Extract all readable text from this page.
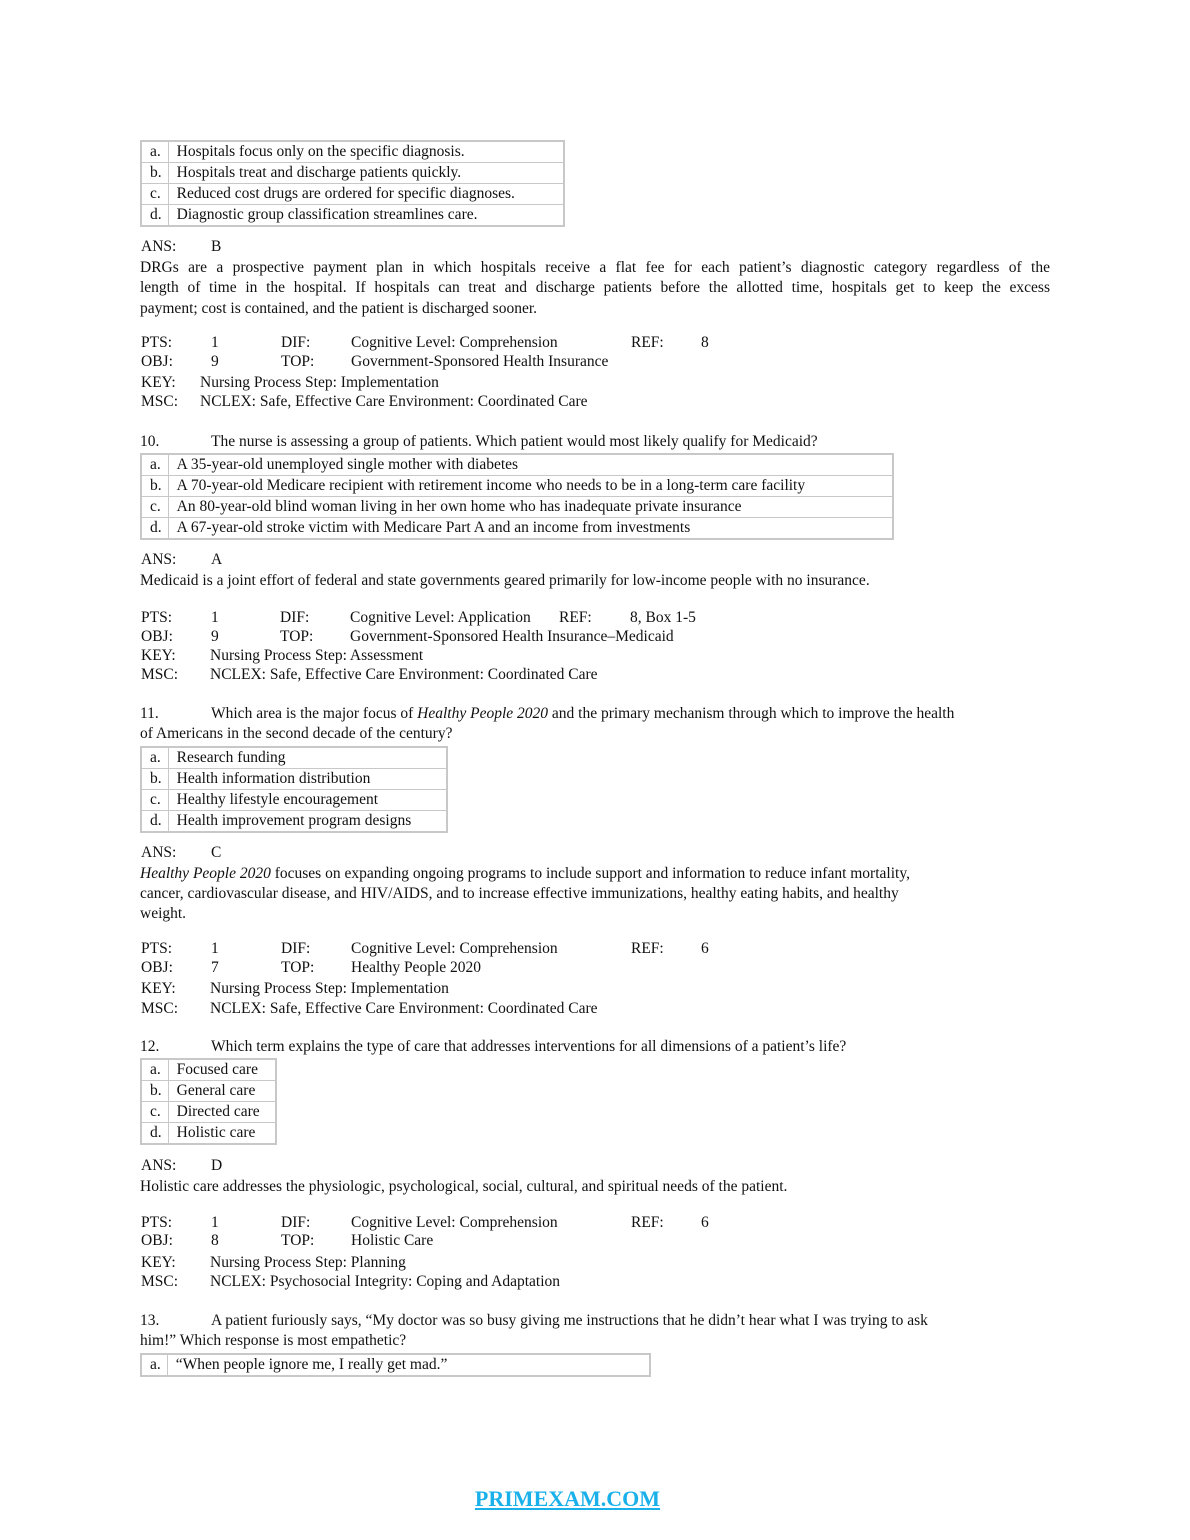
a.	Hospitals focus only on the specific diagnosis.
b.	Hospitals treat and discharge patients quickly.
c.	Reduced cost drugs are ordered for specific diagnoses.
d.	Diagnostic group classification streamlines care.
ANS: B
DRGs are a prospective payment plan in which hospitals receive a flat fee for each patient’s diagnostic category regardless of the
length of time in the hospital. If hospitals can treat and discharge patients before the allotted time, hospitals get to keep the excess
payment; cost is contained, and the patient is discharged sooner.
PTS:	1	DIF:	Cognitive Level: Comprehension	REF: 8
OBJ: 9	TOP: Government-Sponsored Health Insurance
KEY: Nursing Process Step: Implementation
MSC: NCLEX: Safe, Effective Care Environment: Coordinated Care
10.	The nurse is assessing a group of patients. Which patient would most likely qualify for Medicaid?
a.	A 35-year-old unemployed single mother with diabetes
b.	A 70-year-old Medicare recipient with retirement income who needs to be in a long-term care facility
c.	An 80-year-old blind woman living in her own home who has inadequate private insurance
d.	A 67-year-old stroke victim with Medicare Part A and an income from investments
ANS: A
Medicaid is a joint effort of federal and state governments geared primarily for low-income people with no insurance.
PTS:	1	DIF:	Cognitive Level: Application REF: 8, Box 1-5
OBJ: 9	TOP: Government-Sponsored Health Insurance–Medicaid
KEY: Nursing Process Step: Assessment
MSC: NCLEX: Safe, Effective Care Environment: Coordinated Care
11.	Which area is the major focus of Healthy People 2020 and the primary mechanism through which to improve the health
of Americans in the second decade of the century?
a.	Research funding
b.	Health information distribution
c.	Healthy lifestyle encouragement
d.	Health improvement program designs
ANS: C
Healthy People 2020 focuses on expanding ongoing programs to include support and information to reduce infant mortality,
cancer, cardiovascular disease, and HIV/AIDS, and to increase effective immunizations, healthy eating habits, and healthy
weight.
PTS:	1	DIF:	Cognitive Level: Comprehension	REF: 6
OBJ: 7	TOP: Healthy People 2020
KEY: Nursing Process Step: Implementation
MSC: NCLEX: Safe, Effective Care Environment: Coordinated Care
12.	Which term explains the type of care that addresses interventions for all dimensions of a patient’s life?
a.	Focused care
b.	General care
c.	Directed care
d.	Holistic care
ANS: D
Holistic care addresses the physiologic, psychological, social, cultural, and spiritual needs of the patient.
PTS:	1	DIF:	Cognitive Level: Comprehension	REF: 6
OBJ: 8	TOP: Holistic Care
KEY: Nursing Process Step: Planning
MSC: NCLEX: Psychosocial Integrity: Coping and Adaptation
13.	A patient furiously says, “My doctor was so busy giving me instructions that he didn’t hear what I was trying to ask
him!” Which response is most empathetic?
a.	“When people ignore me, I really get mad.”
PRIMEXAM.COM
